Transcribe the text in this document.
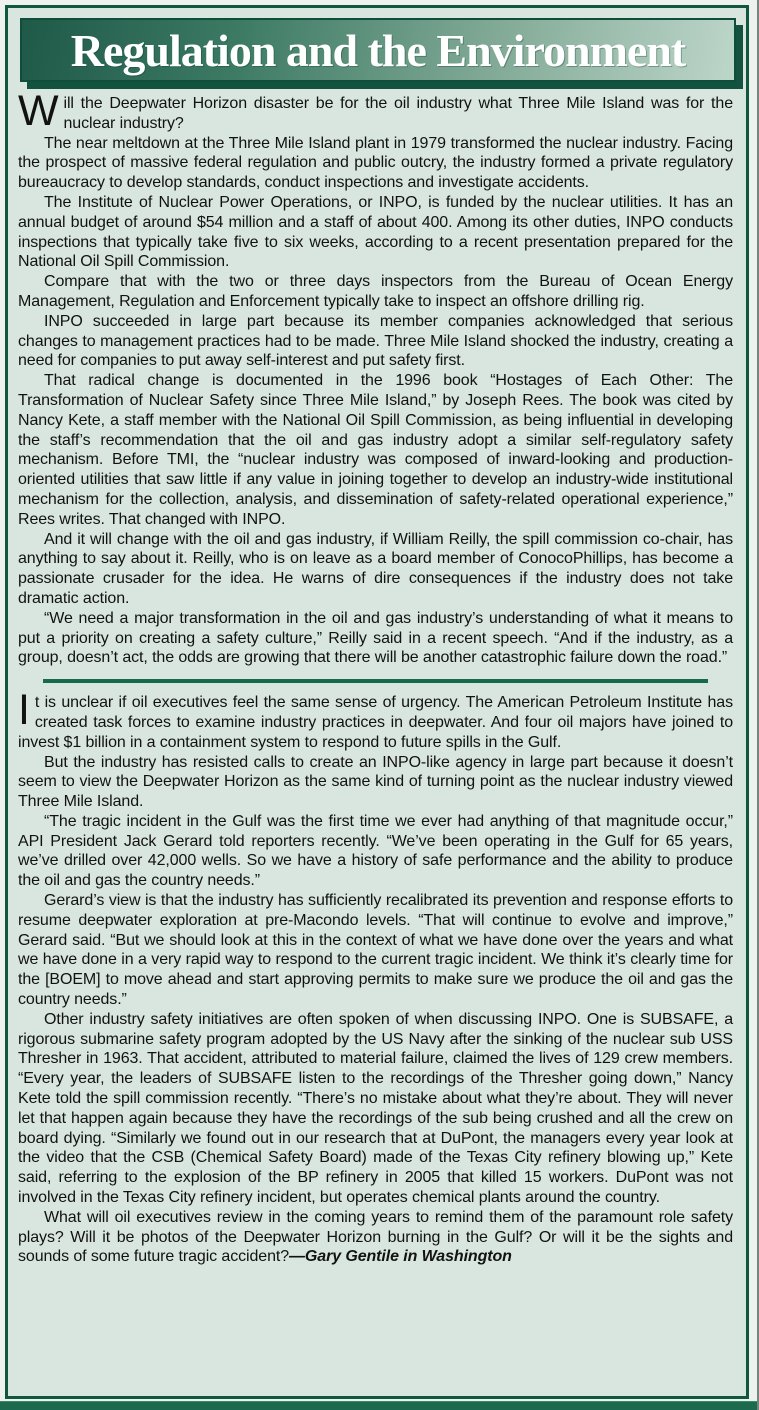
Regulation and the Environment

Will the Deepwater Horizon disaster be for the oil industry what Three Mile Island was for the nuclear industry?

The near meltdown at the Three Mile Island plant in 1979 transformed the nuclear industry. Facing the prospect of massive federal regulation and public outcry, the industry formed a private regulatory bureaucracy to develop standards, conduct inspections and investigate accidents.

The Institute of Nuclear Power Operations, or INPO, is funded by the nuclear utilities. It has an annual budget of around $54 million and a staff of about 400. Among its other duties, INPO conducts inspections that typically take five to six weeks, according to a recent presentation prepared for the National Oil Spill Commission.

Compare that with the two or three days inspectors from the Bureau of Ocean Energy Management, Regulation and Enforcement typically take to inspect an offshore drilling rig.

INPO succeeded in large part because its member companies acknowledged that serious changes to management practices had to be made. Three Mile Island shocked the industry, creating a need for companies to put away self-interest and put safety first.

That radical change is documented in the 1996 book “Hostages of Each Other: The Transformation of Nuclear Safety since Three Mile Island,” by Joseph Rees. The book was cited by Nancy Kete, a staff member with the National Oil Spill Commission, as being influential in developing the staff’s recommendation that the oil and gas industry adopt a similar self-regulatory safety mechanism. Before TMI, the “nuclear industry was composed of inward-looking and production-oriented utilities that saw little if any value in joining together to develop an industry-wide institutional mechanism for the collection, analysis, and dissemination of safety-related operational experience,” Rees writes. That changed with INPO.

And it will change with the oil and gas industry, if William Reilly, the spill commission co-chair, has anything to say about it. Reilly, who is on leave as a board member of ConocoPhillips, has become a passionate crusader for the idea. He warns of dire consequences if the industry does not take dramatic action.

“We need a major transformation in the oil and gas industry’s understanding of what it means to put a priority on creating a safety culture,” Reilly said in a recent speech. “And if the industry, as a group, doesn’t act, the odds are growing that there will be another catastrophic failure down the road.”

It is unclear if oil executives feel the same sense of urgency. The American Petroleum Institute has created task forces to examine industry practices in deepwater. And four oil majors have joined to invest $1 billion in a containment system to respond to future spills in the Gulf.

But the industry has resisted calls to create an INPO-like agency in large part because it doesn’t seem to view the Deepwater Horizon as the same kind of turning point as the nuclear industry viewed Three Mile Island.

“The tragic incident in the Gulf was the first time we ever had anything of that magnitude occur,” API President Jack Gerard told reporters recently. “We’ve been operating in the Gulf for 65 years, we’ve drilled over 42,000 wells. So we have a history of safe performance and the ability to produce the oil and gas the country needs.”

Gerard’s view is that the industry has sufficiently recalibrated its prevention and response efforts to resume deepwater exploration at pre-Macondo levels. “That will continue to evolve and improve,” Gerard said. “But we should look at this in the context of what we have done over the years and what we have done in a very rapid way to respond to the current tragic incident. We think it’s clearly time for the [BOEM] to move ahead and start approving permits to make sure we produce the oil and gas the country needs.”

Other industry safety initiatives are often spoken of when discussing INPO. One is SUBSAFE, a rigorous submarine safety program adopted by the US Navy after the sinking of the nuclear sub USS Thresher in 1963. That accident, attributed to material failure, claimed the lives of 129 crew members. “Every year, the leaders of SUBSAFE listen to the recordings of the Thresher going down,” Nancy Kete told the spill commission recently. “There’s no mistake about what they’re about. They will never let that happen again because they have the recordings of the sub being crushed and all the crew on board dying. “Similarly we found out in our research that at DuPont, the managers every year look at the video that the CSB (Chemical Safety Board) made of the Texas City refinery blowing up,” Kete said, referring to the explosion of the BP refinery in 2005 that killed 15 workers. DuPont was not involved in the Texas City refinery incident, but operates chemical plants around the country.

What will oil executives review in the coming years to remind them of the paramount role safety plays? Will it be photos of the Deepwater Horizon burning in the Gulf? Or will it be the sights and sounds of some future tragic accident?—Gary Gentile in Washington
